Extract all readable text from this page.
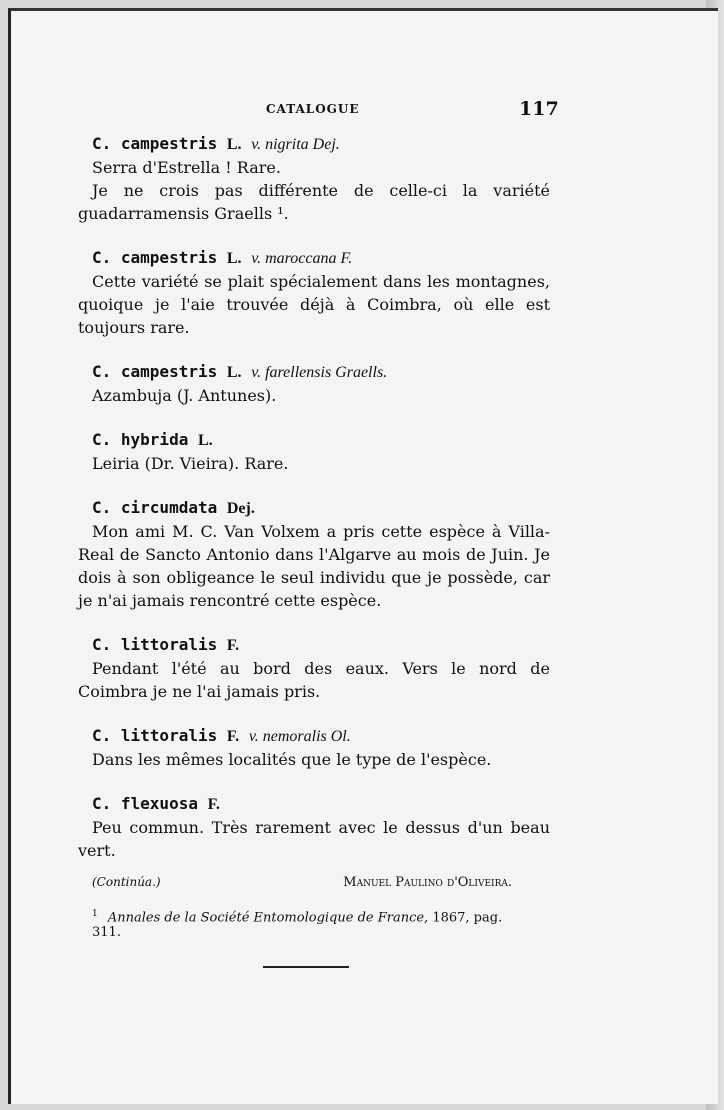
CATALOGUE	117
C. campestris L. v. nigrita Dej.

Serra d'Estrella ! Rare.

Je ne crois pas différente de celle-ci la variété guadarramensis Graells ¹.

C. campestris L. v. maroccana F.

Cette variété se plait spécialement dans les montagnes, quoique je l'aie trouvée déjà à Coimbra, où elle est toujours rare.

C. campestris L. v. farellensis Graells.

Azambuja (J. Antunes).

C. hybrida L.

Leiria (Dr. Vieira). Rare.

C. circumdata Dej.

Mon ami M. C. Van Volxem a pris cette espèce à Villa-Real de Sancto Antonio dans l'Algarve au mois de Juin. Je dois à son obligeance le seul individu que je possède, car je n'ai jamais rencontré cette espèce.

C. littoralis F.

Pendant l'été au bord des eaux. Vers le nord de Coimbra je ne l'ai jamais pris.

C. littoralis F. v. nemoralis Ol.

Dans les mêmes localités que le type de l'espèce.

C. flexuosa F.

Peu commun. Très rarement avec le dessus d'un beau vert.

(Continúa.)	Manuel Paulino d'Oliveira.
$^1$ Annales de la Société Entomologique de France, 1867, pag. 311.
